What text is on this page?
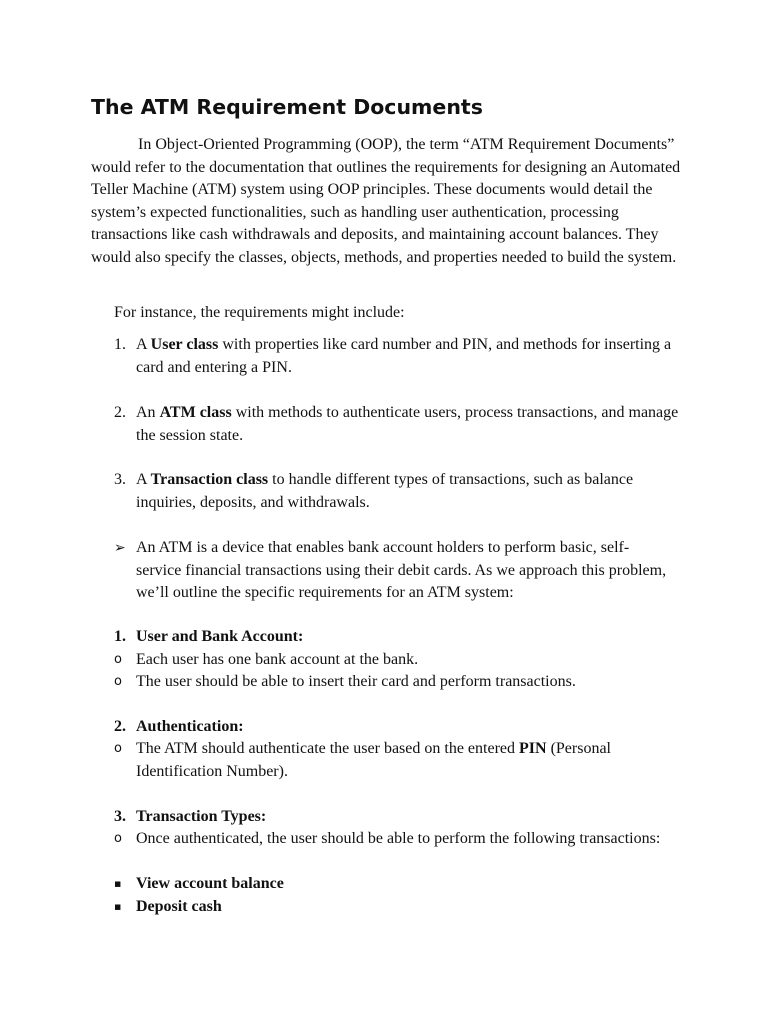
The ATM Requirement Documents

In Object-Oriented Programming (OOP), the term “ATM Requirement Documents” would refer to the documentation that outlines the requirements for designing an Automated Teller Machine (ATM) system using OOP principles. These documents would detail the system’s expected functionalities, such as handling user authentication, processing transactions like cash withdrawals and deposits, and maintaining account balances. They would also specify the classes, objects, methods, and properties needed to build the system.

For instance, the requirements might include:

1. A User class with properties like card number and PIN, and methods for inserting a card and entering a PIN.
2. An ATM class with methods to authenticate users, process transactions, and manage the session state.
3. A Transaction class to handle different types of transactions, such as balance inquiries, deposits, and withdrawals.
➢ An ATM is a device that enables bank account holders to perform basic, self-service financial transactions using their debit cards. As we approach this problem, we’ll outline the specific requirements for an ATM system:
1. User and Bank Account:
o Each user has one bank account at the bank.
o The user should be able to insert their card and perform transactions.
2. Authentication:
o The ATM should authenticate the user based on the entered PIN (Personal Identification Number).
3. Transaction Types:
o Once authenticated, the user should be able to perform the following transactions:
▪ View account balance
▪ Deposit cash
